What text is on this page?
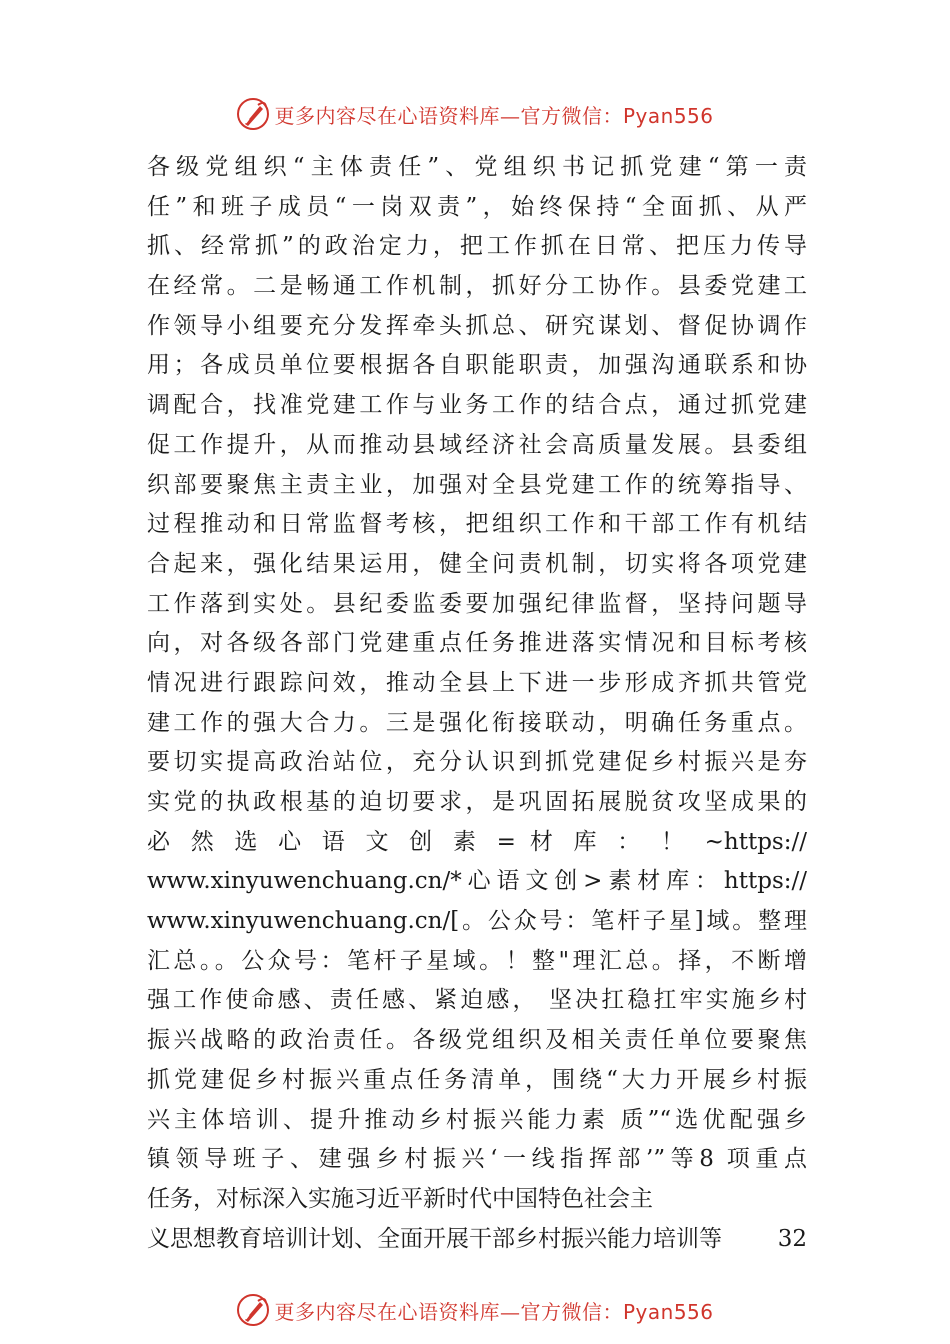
更多内容尽在心语资料库—官方微信：Pyan556
各级党组织“主体责任”、党组织书记抓党建“第一责
任”和班子成员“一岗双责”，始终保持“全面抓、从严
抓、经常抓”的政治定力，把工作抓在日常、把压力传导
在经常。二是畅通工作机制，抓好分工协作。县委党建工
作领导小组要充分发挥牵头抓总、研究谋划、督促协调作
用；各成员单位要根据各自职能职责，加强沟通联系和协
调配合，找准党建工作与业务工作的结合点，通过抓党建
促工作提升，从而推动县域经济社会高质量发展。县委组
织部要聚焦主责主业，加强对全县党建工作的统筹指导、
过程推动和日常监督考核，把组织工作和干部工作有机结
合起来，强化结果运用，健全问责机制，切实将各项党建
工作落到实处。县纪委监委要加强纪律监督，坚持问题导
向，对各级各部门党建重点任务推进落实情况和目标考核
情况进行跟踪问效，推动全县上下进一步形成齐抓共管党
建工作的强大合力。三是强化衔接联动，明确任务重点。
要切实提高政治站位，充分认识到抓党建促乡村振兴是夯
实党的执政根基的迫切要求，是巩固拓展脱贫攻坚成果的
必 然 选 心 语 文 创 素 = 材 库 ： ！ ~https://
www.xinyuwenchuang.cn/*心语文创>素材库：https://
www.xinyuwenchuang.cn/[。公众号：笔杆子星]域。整理
汇总。。公众号：笔杆子星域。！整"理汇总。择，不断增
强工作使命感、责任感、紧迫感， 坚决扛稳扛牢实施乡村
振兴战略的政治责任。各级党组织及相关责任单位要聚焦
抓党建促乡村振兴重点任务清单，围绕“大力开展乡村振
兴主体培训、提升推动乡村振兴能力素 质”“选优配强乡
镇领导班子、建强乡村振兴‘一线指挥部’”等8 项重点
任务，对标深入实施习近平新时代中国特色社会主
义思想教育培训计划、全面开展干部乡村振兴能力培训等 32
更多内容尽在心语资料库—官方微信：Pyan556
